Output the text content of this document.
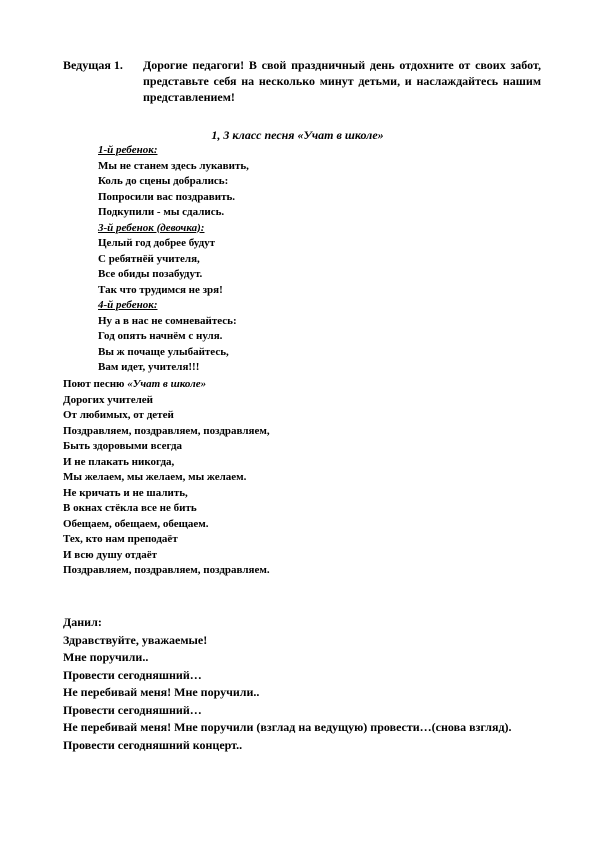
Ведущая 1. Дорогие педагоги! В свой праздничный день отдохните от своих забот, представьте себя на несколько минут детьми, и наслаждайтесь нашим представлением!
1, 3 класс песня «Учат в школе»
1-й ребенок:
Мы не станем здесь лукавить,
Коль до сцены добрались:
Попросили вас поздравить.
Подкупили - мы сдались.
3-й ребенок (девочка):
Целый год добрее будут
С ребятнёй учителя,
Все обиды позабудут.
Так что трудимся не зря!
4-й ребенок:
Ну а в нас не сомневайтесь:
Год опять начнём с нуля.
Вы ж почаще улыбайтесь,
Вам идет, учителя!!!
Поют песню «Учат в школе»
Дорогих учителей
От любимых, от детей
Поздравляем, поздравляем, поздравляем,
Быть здоровыми всегда
И не плакать никогда,
Мы желаем, мы желаем, мы желаем.
Не кричать и не шалить,
В окнах стёкла все не бить
Обещаем, обещаем, обещаем.
Тех, кто нам преподаёт
И всю душу отдаёт
Поздравляем, поздравляем, поздравляем.
Данил:
Здравствуйте, уважаемые!
Мне поручили..
Провести сегодняшний…
Не перебивай меня! Мне поручили..
Провести сегодняшний…
Не перебивай меня! Мне поручили (взглад на ведущую) провести…(снова взгляд).
Провести сегодняшний концерт..
